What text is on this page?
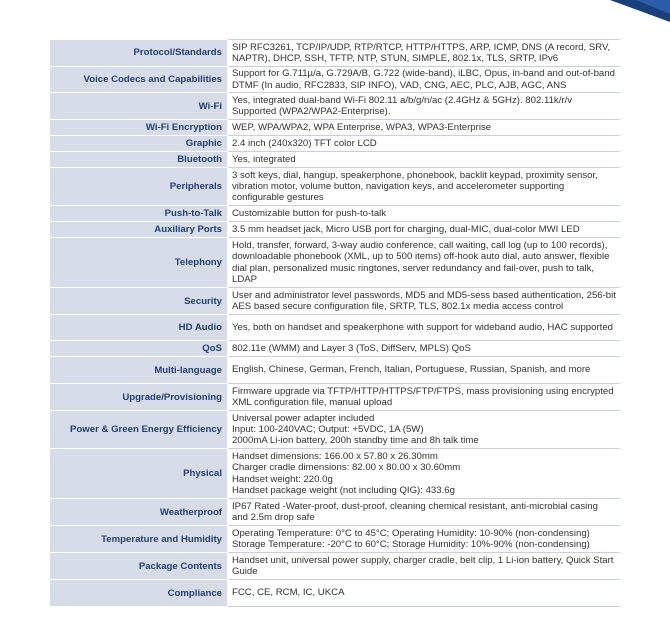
Protocol/Standards	SIP RFC3261, TCP/IP/UDP, RTP/RTCP, HTTP/HTTPS, ARP, ICMP, DNS (A record, SRV, NAPTR), DHCP, SSH, TFTP, NTP, STUN, SIMPLE, 802.1x, TLS, SRTP, IPv6
Voice Codecs and Capabilities	Support for G.711µ/a, G.729A/B, G.722 (wide-band), iLBC, Opus, in-band and out-of-band DTMF (In audio, RFC2833, SIP INFO), VAD, CNG, AEC, PLC, AJB, AGC, ANS
Wi-Fi	Yes, integrated dual-band Wi-Fi 802.11 a/b/g/n/ac (2.4GHz & 5GHz). 802.11k/r/v Supported (WPA2/WPA2-Enterprise).
Wi-Fi Encryption	WEP, WPA/WPA2, WPA Enterprise, WPA3, WPA3-Enterprise
Graphic	2.4 inch (240x320) TFT color LCD
Bluetooth	Yes, integrated
Peripherals	3 soft keys, dial, hangup, speakerphone, phonebook, backlit keypad, proximity sensor, vibration motor, volume button, navigation keys, and accelerometer supporting configurable gestures
Push-to-Talk	Customizable button for push-to-talk
Auxiliary Ports	3.5 mm headset jack, Micro USB port for charging, dual-MIC, dual-color MWI LED
Telephony	Hold, transfer, forward, 3-way audio conference, call waiting, call log (up to 100 records), downloadable phonebook (XML, up to 500 items) off-hook auto dial, auto answer, flexible dial plan, personalized music ringtones, server redundancy and fail-over, push to talk, LDAP
Security	User and administrator level passwords, MD5 and MD5-sess based authentication, 256-bit AES based secure configuration file, SRTP, TLS, 802.1x media access control
HD Audio	Yes, both on handset and speakerphone with support for wideband audio, HAC supported
QoS	802.11e (WMM) and Layer 3 (ToS, DiffServ, MPLS) QoS
Multi-language	English, Chinese, German, French, Italian, Portuguese, Russian, Spanish, and more
Upgrade/Provisioning	Firmware upgrade via TFTP/HTTP/HTTPS/FTP/FTPS, mass provisioning using encrypted XML configuration file, manual upload
Power & Green Energy Efficiency	Universal power adapter included
Input: 100-240VAC; Output: +5VDC, 1A (5W)
2000mA Li-ion battery, 200h standby time and 8h talk time
Physical	Handset dimensions: 166.00 x 57.80 x 26.30mm
Charger cradle dimensions: 82.00 x 80.00 x 30.60mm
Handset weight: 220.0g
Handset package weight (not including QIG): 433.6g
Weatherproof	IP67 Rated -Water-proof, dust-proof, cleaning chemical resistant, anti-microbial casing and 2.5m drop safe
Temperature and Humidity	Operating Temperature: 0°C to 45°C; Operating Humidity: 10-90% (non-condensing)
Storage Temperature: -20°C to 60°C; Storage Humidity: 10%-90% (non-condensing)
Package Contents	Handset unit, universal power supply, charger cradle, belt clip, 1 Li-ion battery, Quick Start Guide
Compliance	FCC, CE, RCM, IC, UKCA
